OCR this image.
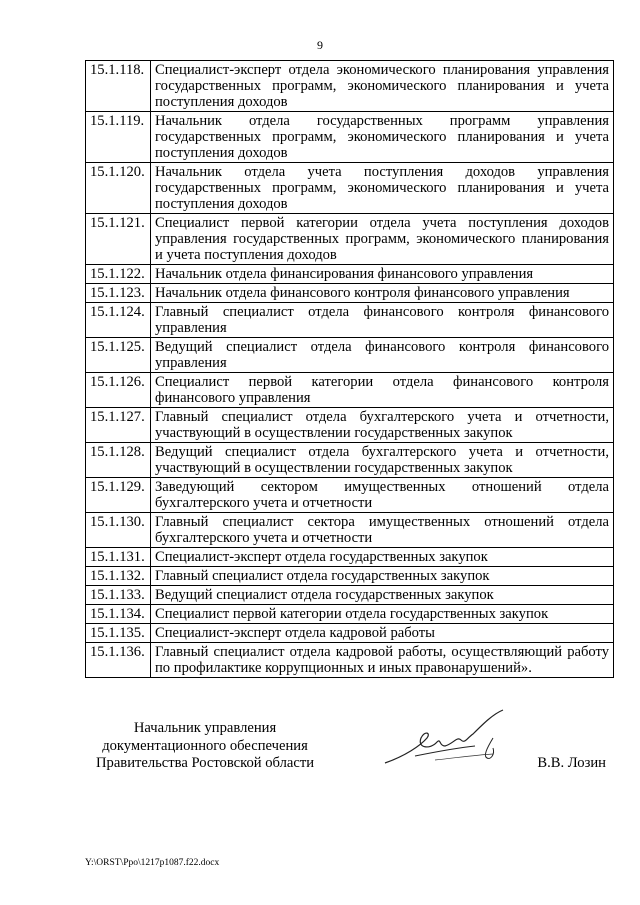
9
15.1.118.	Специалист-эксперт отдела экономического планирования управления государственных программ, экономического планирования и учета поступления доходов
15.1.119.	Начальник отдела государственных программ управления государственных программ, экономического планирования и учета поступления доходов
15.1.120.	Начальник отдела учета поступления доходов управления государственных программ, экономического планирования и учета поступления доходов
15.1.121.	Специалист первой категории отдела учета поступления доходов управления государственных программ, экономического планирования и учета поступления доходов
15.1.122.	Начальник отдела финансирования финансового управления
15.1.123.	Начальник отдела финансового контроля финансового управления
15.1.124.	Главный специалист отдела финансового контроля финансового управления
15.1.125.	Ведущий специалист отдела финансового контроля финансового управления
15.1.126.	Специалист первой категории отдела финансового контроля финансового управления
15.1.127.	Главный специалист отдела бухгалтерского учета и отчетности, участвующий в осуществлении государственных закупок
15.1.128.	Ведущий специалист отдела бухгалтерского учета и отчетности, участвующий в осуществлении государственных закупок
15.1.129.	Заведующий сектором имущественных отношений отдела бухгалтерского учета и отчетности
15.1.130.	Главный специалист сектора имущественных отношений отдела бухгалтерского учета и отчетности
15.1.131.	Специалист-эксперт отдела государственных закупок
15.1.132.	Главный специалист отдела государственных закупок
15.1.133.	Ведущий специалист отдела государственных закупок
15.1.134.	Специалист первой категории отдела государственных закупок
15.1.135.	Специалист-эксперт отдела кадровой работы
15.1.136.	Главный специалист отдела кадровой работы, осуществляющий работу по профилактике коррупционных и иных правонарушений».
Начальник управления
документационного обеспечения
Правительства Ростовской области	В.В. Лозин
Y:\ORST\Ppo\1217p1087.f22.docx
